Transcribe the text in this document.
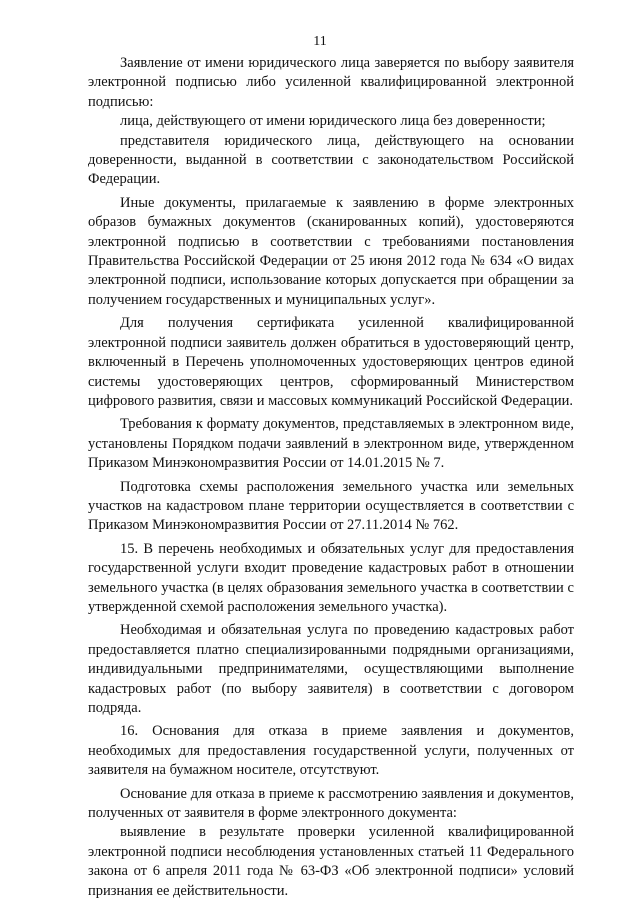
11

Заявление от имени юридического лица заверяется по выбору заявителя электронной подписью либо усиленной квалифицированной электронной подписью:

лица, действующего от имени юридического лица без доверенности;

представителя юридического лица, действующего на основании доверенности, выданной в соответствии с законодательством Российской Федерации.

Иные документы, прилагаемые к заявлению в форме электронных образов бумажных документов (сканированных копий), удостоверяются электронной подписью в соответствии с требованиями постановления Правительства Российской Федерации от 25 июня 2012 года № 634 «О видах электронной подписи, использование которых допускается при обращении за получением государственных и муниципальных услуг».

Для получения сертификата усиленной квалифицированной электронной подписи заявитель должен обратиться в удостоверяющий центр, включенный в Перечень уполномоченных удостоверяющих центров единой системы удостоверяющих центров, сформированный Министерством цифрового развития, связи и массовых коммуникаций Российской Федерации.

Требования к формату документов, представляемых в электронном виде, установлены Порядком подачи заявлений в электронном виде, утвержденном Приказом Минэкономразвития России от 14.01.2015 № 7.

Подготовка схемы расположения земельного участка или земельных участков на кадастровом плане территории осуществляется в соответствии с Приказом Минэкономразвития России от 27.11.2014 № 762.

15. В перечень необходимых и обязательных услуг для предоставления государственной услуги входит проведение кадастровых работ в отношении земельного участка (в целях образования земельного участка в соответствии с утвержденной схемой расположения земельного участка).

Необходимая и обязательная услуга по проведению кадастровых работ предоставляется платно специализированными подрядными организациями, индивидуальными предпринимателями, осуществляющими выполнение кадастровых работ (по выбору заявителя) в соответствии с договором подряда.

16. Основания для отказа в приеме заявления и документов, необходимых для предоставления государственной услуги, полученных от заявителя на бумажном носителе, отсутствуют.

Основание для отказа в приеме к рассмотрению заявления и документов, полученных от заявителя в форме электронного документа:

выявление в результате проверки усиленной квалифицированной электронной подписи несоблюдения установленных статьей 11 Федерального закона от 6 апреля 2011 года № 63-ФЗ «Об электронной подписи» условий признания ее действительности.
